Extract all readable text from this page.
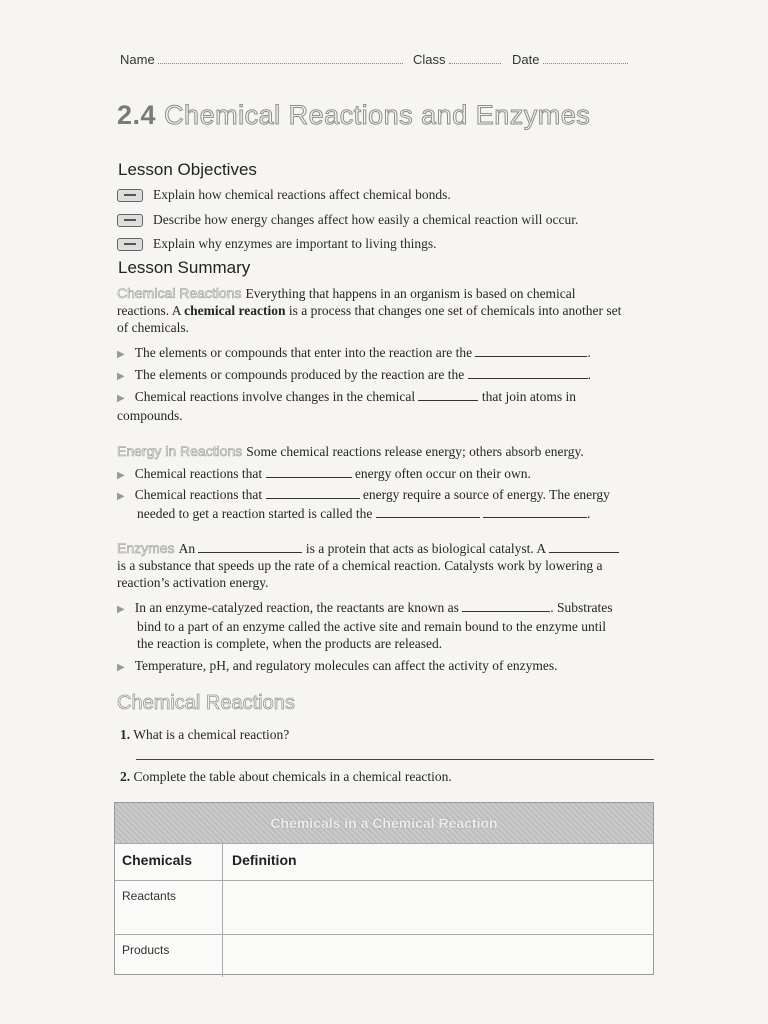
Name	Class	Date
2.4 Chemical Reactions and Enzymes
Lesson Objectives
Explain how chemical reactions affect chemical bonds.
Describe how energy changes affect how easily a chemical reaction will occur.
Explain why enzymes are important to living things.
Lesson Summary
Chemical Reactions Everything that happens in an organism is based on chemical
reactions. A chemical reaction is a process that changes one set of chemicals into another set
of chemicals.
▶ The elements or compounds that enter into the reaction are the	.
▶ The elements or compounds produced by the reaction are the	.
▶ Chemical reactions involve changes in the chemical	that join atoms in
compounds.
Energy in Reactions Some chemical reactions release energy; others absorb energy.
▶ Chemical reactions that	energy often occur on their own.
▶ Chemical reactions that	energy require a source of energy. The energy
needed to get a reaction started is called the	.
Enzymes An	is a protein that acts as biological catalyst. A
is a substance that speeds up the rate of a chemical reaction. Catalysts work by lowering a
reaction’s activation energy.
▶ In an enzyme-catalyzed reaction, the reactants are known as	. Substrates
bind to a part of an enzyme called the active site and remain bound to the enzyme until
the reaction is complete, when the products are released.
▶ Temperature, pH, and regulatory molecules can affect the activity of enzymes.
Chemical Reactions
1. What is a chemical reaction?
2. Complete the table about chemicals in a chemical reaction.
Chemicals in a Chemical Reaction
Chemicals	Definition
Reactants
Products
